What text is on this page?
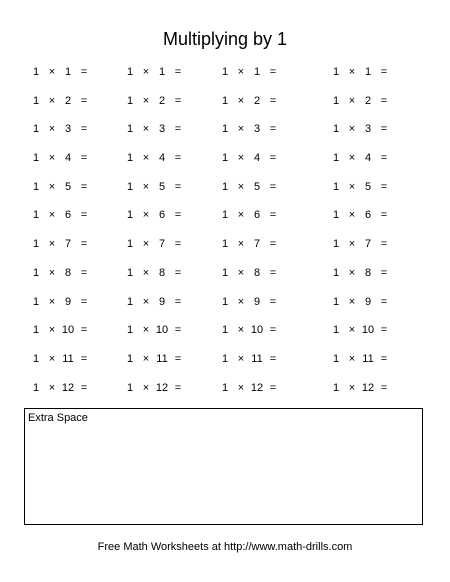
Multiplying by 1
1 × 1 =	1 × 1 =	1 × 1 =	1 × 1 =
1 × 2 =	1 × 2 =	1 × 2 =	1 × 2 =
1 × 3 =	1 × 3 =	1 × 3 =	1 × 3 =
1 × 4 =	1 × 4 =	1 × 4 =	1 × 4 =
1 × 5 =	1 × 5 =	1 × 5 =	1 × 5 =
1 × 6 =	1 × 6 =	1 × 6 =	1 × 6 =
1 × 7 =	1 × 7 =	1 × 7 =	1 × 7 =
1 × 8 =	1 × 8 =	1 × 8 =	1 × 8 =
1 × 9 =	1 × 9 =	1 × 9 =	1 × 9 =
1 × 10 =	1 × 10 =	1 × 10 =	1 × 10 =
1 × 11 =	1 × 11 =	1 × 11 =	1 × 11 =
1 × 12 =	1 × 12 =	1 × 12 =	1 × 12 =
Extra Space
Free Math Worksheets at http://www.math-drills.com
